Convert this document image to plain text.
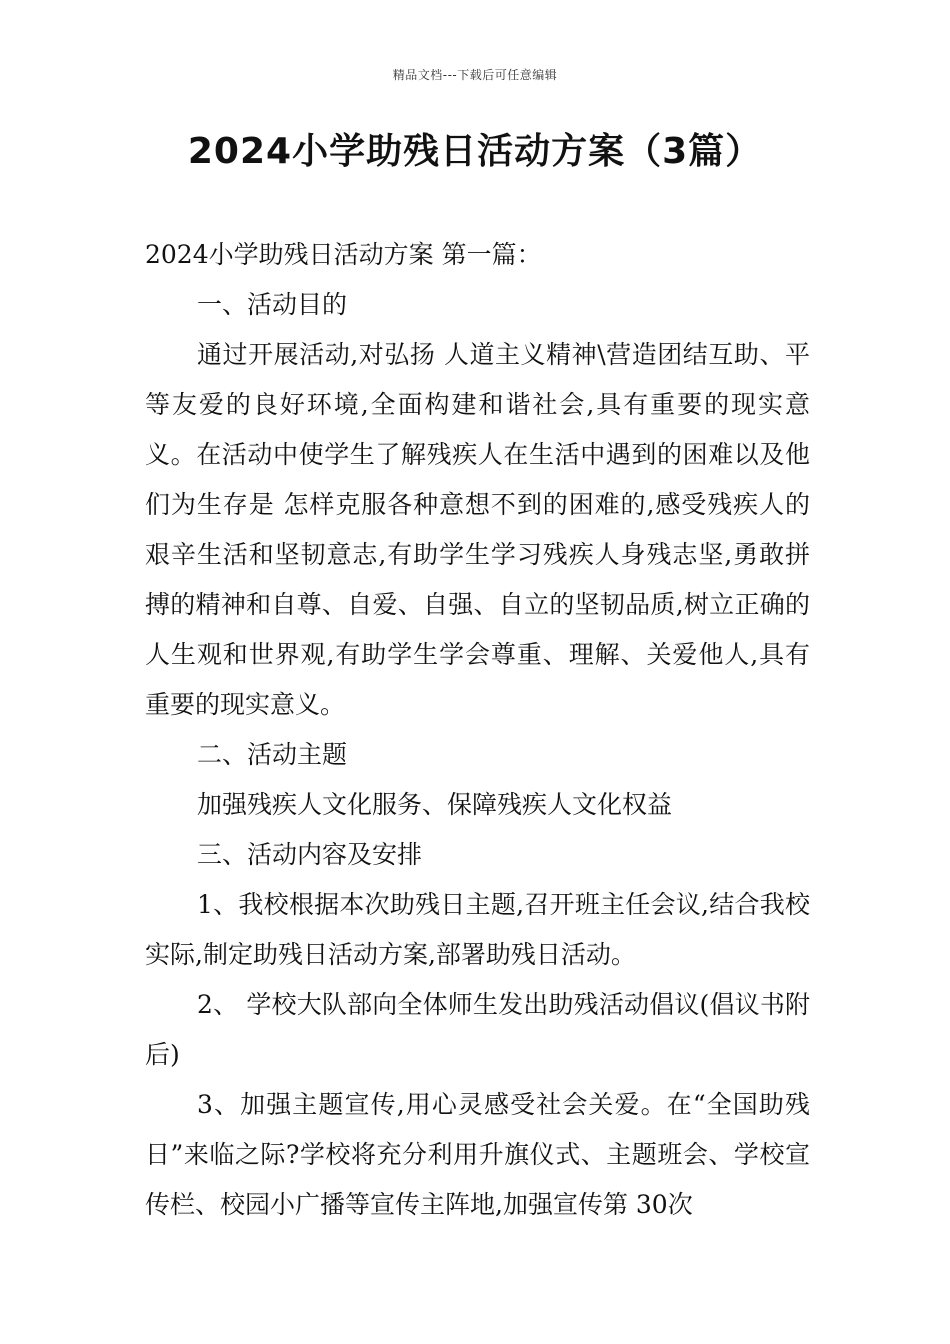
精品文档---下载后可任意编辑
2024小学助残日活动方案（3篇）

2024小学助残日活动方案 第一篇：

一、活动目的

通过开展活动,对弘扬 人道主义精神\营造团结互助、平等友爱的良好环境,全面构建和谐社会,具有重要的现实意义。在活动中使学生了解残疾人在生活中遇到的困难以及他们为生存是 怎样克服各种意想不到的困难的,感受残疾人的艰辛生活和坚韧意志,有助学生学习残疾人身残志坚,勇敢拼搏的精神和自尊、自爱、自强、自立的坚韧品质,树立正确的人生观和世界观,有助学生学会尊重、理解、关爱他人,具有重要的现实意义。

二、活动主题

加强残疾人文化服务、保障残疾人文化权益

三、活动内容及安排

1、我校根据本次助残日主题,召开班主任会议,结合我校实际,制定助残日活动方案,部署助残日活动。

2、 学校大队部向全体师生发出助残活动倡议(倡议书附后)

3、加强主题宣传,用心灵感受社会关爱。在“全国助残日”来临之际?学校将充分利用升旗仪式、主题班会、学校宣传栏、校园小广播等宣传主阵地,加强宣传第 30次
